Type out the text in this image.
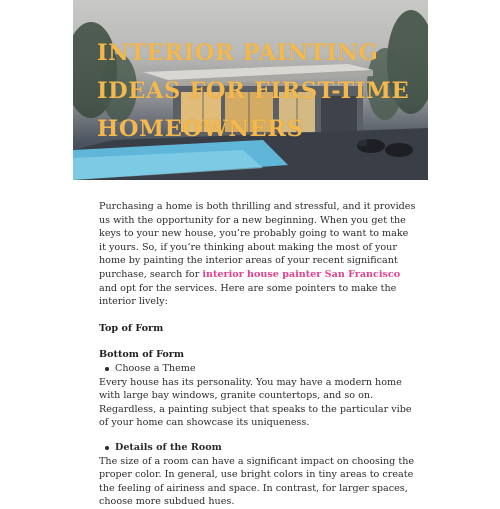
INTERIOR PAINTING IDEAS FOR FIRST-TIME HOMEOWNERS

Purchasing a home is both thrilling and stressful, and it provides us with the opportunity for a new beginning. When you get the keys to your new house, you’re probably going to want to make it yours. So, if you’re thinking about making the most of your home by painting the interior areas of your recent significant purchase, search for interior house painter San Francisco and opt for the services. Here are some pointers to make the interior lively:

Top of Form

Bottom of Form

Choose a Theme

Every house has its personality. You may have a modern home with large bay windows, granite countertops, and so on. Regardless, a painting subject that speaks to the particular vibe of your home can showcase its uniqueness.

Details of the Room

The size of a room can have a significant impact on choosing the proper color. In general, use bright colors in tiny areas to create the feeling of airiness and space. In contrast, for larger spaces, choose more subdued hues.
